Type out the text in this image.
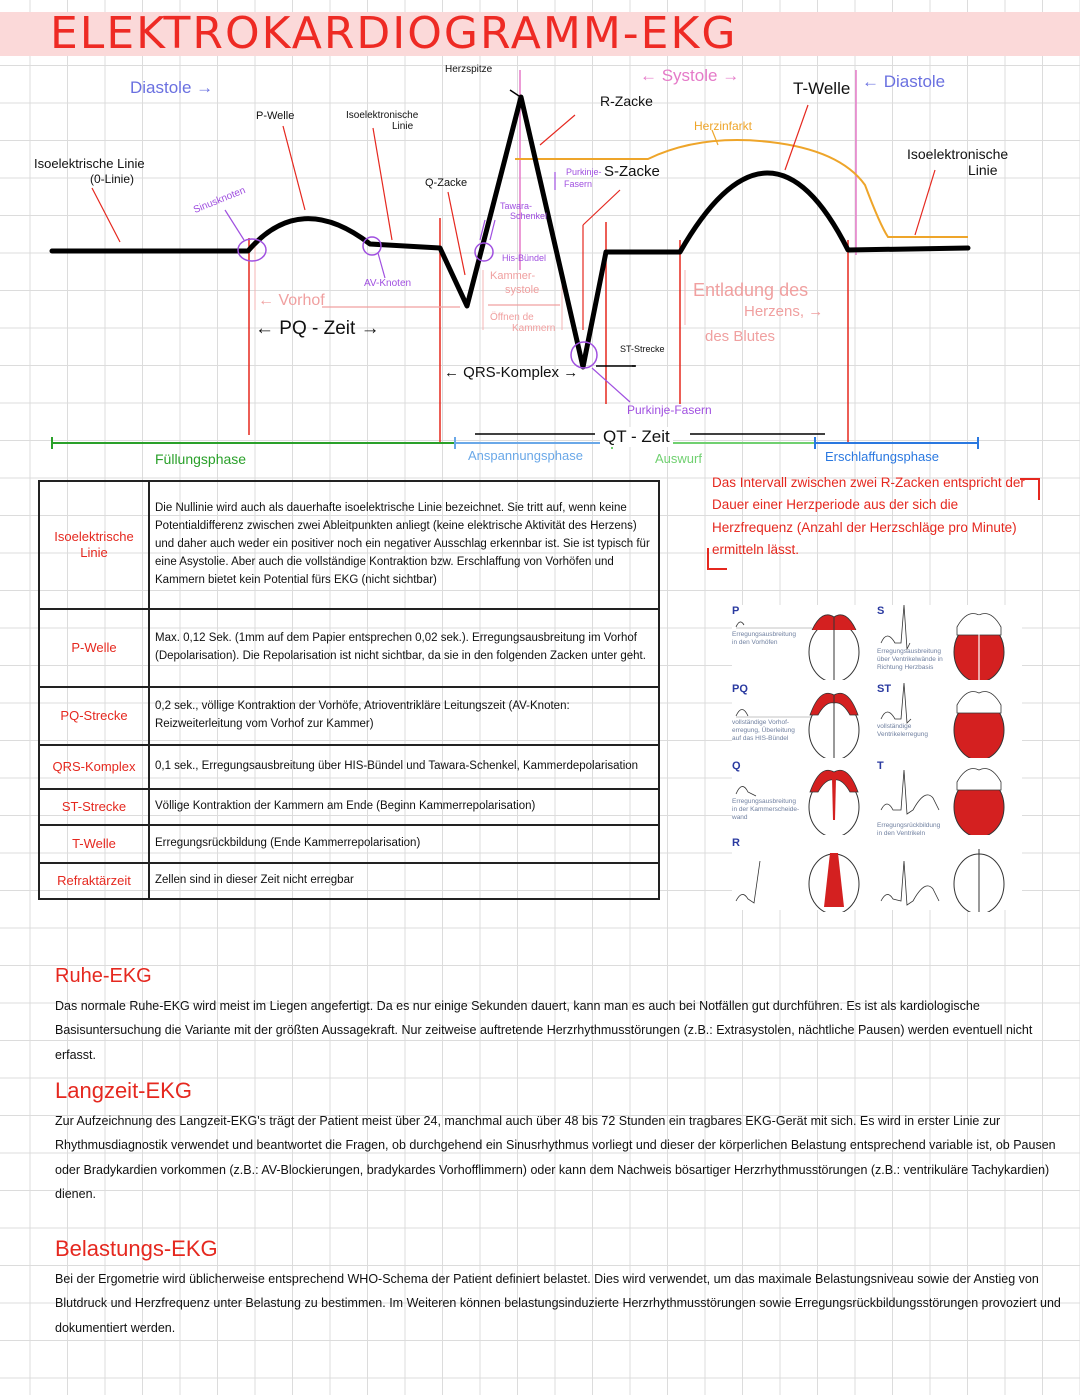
ELEKTROKARDIOGRAMM-EKG
Diastole →
← Systole →	← Diastole
Herzspitze
R-Zacke
T-Welle
Herzinfarkt
Isoelektrische Linie
(0-Linie)
P-Welle	Isoelektronische
Linie
Isoelektronische
Linie
Q-Zacke
S-Zacke
Sinusknoten
Purkinje-
Fasern
Tawara-
Schenkel
His-Bündel
AV-Knoten
← Vorhof
Kammer-
systole
Öffnen de
Kammern
Entladung des
Herzens, →
des Blutes
← PQ - Zeit →
← QRS-Komplex →
ST-Strecke
Purkinje-Fasern
QT - Zeit
Füllungsphase	Anspannungsphase	Auswurf	Erschlaffungsphase
Isoelektrische Linie	Die Nullinie wird auch als dauerhafte isoelektrische Linie bezeichnet. Sie tritt auf, wenn keine Potentialdifferenz zwischen zwei Ableitpunkten anliegt (keine elektrische Aktivität des Herzens) und daher auch weder ein positiver noch ein negativer Ausschlag erkennbar ist. Sie ist typisch für eine Asystolie. Aber auch die vollständige Kontraktion bzw. Erschlaffung von Vorhöfen und Kammern bietet kein Potential fürs EKG (nicht sichtbar)
P-Welle	Max. 0,12 Sek. (1mm auf dem Papier entsprechen 0,02 sek.). Erregungsausbreitung im Vorhof (Depolarisation). Die Repolarisation ist nicht sichtbar, da sie in den folgenden Zacken unter geht.
PQ-Strecke	0,2 sek., völlige Kontraktion der Vorhöfe, Atrioventrikläre Leitungszeit (AV-Knoten: Reizweiterleitung vom Vorhof zur Kammer)
QRS-Komplex	0,1 sek., Erregungsausbreitung über HIS-Bündel und Tawara-Schenkel, Kammerdepolarisation
ST-Strecke	Völlige Kontraktion der Kammern am Ende (Beginn Kammerrepolarisation)
T-Welle	Erregungsrückbildung (Ende Kammerrepolarisation)
Refraktärzeit	Zellen sind in dieser Zeit nicht erregbar
Das Intervall zwischen zwei R-Zacken entspricht der Dauer einer Herzperiode aus der sich die Herzfrequenz (Anzahl der Herzschläge pro Minute) ermitteln lässt.
P
Erregungsausbreitung in den Vorhöfen
S
Erregungsausbreitung über Ventrikelwände in Richtung Herzbasis
PQ
vollständige Vorhof-erregung, Überleitung auf das HIS-Bündel
ST
vollständige Ventrikelerregung
Q
Erregungsausbreitung in der Kammerscheide-wand
T
Erregungsrückbildung in den Ventrikeln
R
Ruhe-EKG
Das normale Ruhe-EKG wird meist im Liegen angefertigt. Da es nur einige Sekunden dauert, kann man es auch bei Notfällen gut durchführen. Es ist als kardiologische Basisuntersuchung die Variante mit der größten Aussagekraft. Nur zeitweise auftretende Herzrhythmusstörungen (z.B.: Extrasystolen, nächtliche Pausen) werden eventuell nicht erfasst.
Langzeit-EKG
Zur Aufzeichnung des Langzeit-EKG's trägt der Patient meist über 24, manchmal auch über 48 bis 72 Stunden ein tragbares EKG-Gerät mit sich. Es wird in erster Linie zur Rhythmusdiagnostik verwendet und beantwortet die Fragen, ob durchgehend ein Sinusrhythmus vorliegt und dieser der körperlichen Belastung entsprechend variable ist, ob Pausen oder Bradykardien vorkommen (z.B.: AV-Blockierungen, bradykardes Vorhofflimmern) oder kann dem Nachweis bösartiger Herzrhythmusstörungen (z.B.: ventrikuläre Tachykardien) dienen.
Belastungs-EKG
Bei der Ergometrie wird üblicherweise entsprechend WHO-Schema der Patient definiert belastet. Dies wird verwendet, um das maximale Belastungsniveau sowie der Anstieg von Blutdruck und Herzfrequenz unter Belastung zu bestimmen. Im Weiteren können belastungsinduzierte Herzrhythmusstörungen sowie Erregungsrückbildungsstörungen provoziert und dokumentiert werden.
